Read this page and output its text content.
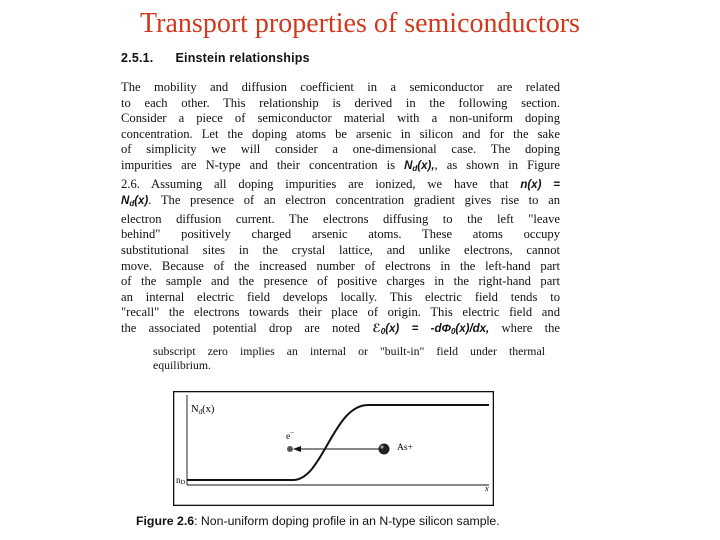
Transport properties of semiconductors
2.5.1. Einstein relationships
The mobility and diffusion coefficient in a semiconductor are related
to each other. This relationship is derived in the following section.
Consider a piece of semiconductor material with a non-uniform doping
concentration. Let the doping atoms be arsenic in silicon and for the sake
of simplicity we will consider a one-dimensional case. The doping
impurities are N-type and their concentration is $N_d(x)$,, as shown in Figure
2.6. Assuming all doping impurities are ionized, we have that n(x) =
$N_d(x)$. The presence of an electron concentration gradient gives rise to an
electron diffusion current. The electrons diffusing to the left "leave
behind" positively charged arsenic atoms. These atoms occupy
substitutional sites in the crystal lattice, and unlike electrons, cannot
move. Because of the increased number of electrons in the left-hand part
of the sample and the presence of positive charges in the right-hand part
an internal electric field develops locally. This electric field tends to
"recall" the electrons towards their place of origin. This electric field and
the associated potential drop are noted ℰ$_0$(x) = $-d\Phi_0(x)/dx$, where the
subscript zero implies an internal or "built-in" field under thermal
equilibrium.
Nd(x)
nD
x
e−
As+
Figure 2.6: Non-uniform doping profile in an N-type silicon sample.
